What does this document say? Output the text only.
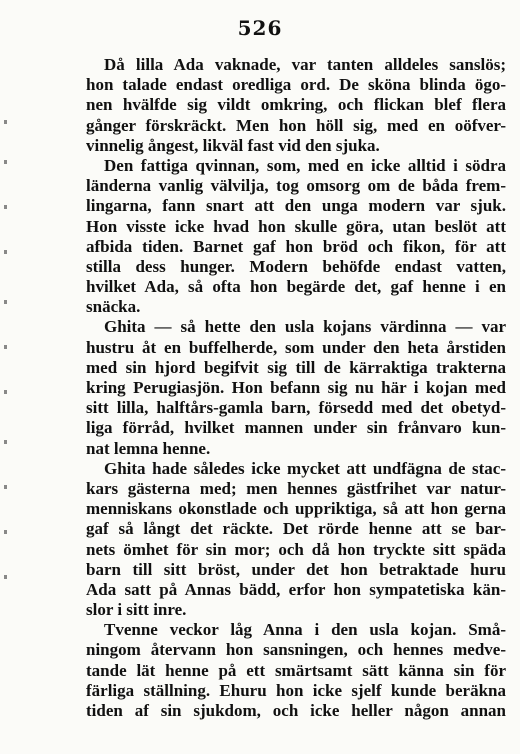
526
Då lilla Ada vaknade, var tanten alldeles sanslös;
hon talade endast oredliga ord. De sköna blinda ögo-
nen hvälfde sig vildt omkring, och flickan blef flera
gånger förskräckt. Men hon höll sig, med en oöfver-
vinnelig ångest, likväl fast vid den sjuka.
Den fattiga qvinnan, som, med en icke alltid i södra
länderna vanlig välvilja, tog omsorg om de båda frem-
lingarna, fann snart att den unga modern var sjuk.
Hon visste icke hvad hon skulle göra, utan beslöt att
afbida tiden. Barnet gaf hon bröd och fikon, för att
stilla dess hunger. Modern behöfde endast vatten,
hvilket Ada, så ofta hon begärde det, gaf henne i en
snäcka.
Ghita — så hette den usla kojans värdinna — var
hustru åt en buffelherde, som under den heta årstiden
med sin hjord begifvit sig till de kärraktiga trakterna
kring Perugiasjön. Hon befann sig nu här i kojan med
sitt lilla, halftårs-gamla barn, försedd med det obetyd-
liga förråd, hvilket mannen under sin frånvaro kun-
nat lemna henne.
Ghita hade således icke mycket att undfägna de stac-
kars gästerna med; men hennes gästfrihet var natur-
menniskans okonstlade och uppriktiga, så att hon gerna
gaf så långt det räckte. Det rörde henne att se bar-
nets ömhet för sin mor; och då hon tryckte sitt späda
barn till sitt bröst, under det hon betraktade huru
Ada satt på Annas bädd, erfor hon sympatetiska kän-
slor i sitt inre.
Tvenne veckor låg Anna i den usla kojan. Små-
ningom återvann hon sansningen, och hennes medve-
tande lät henne på ett smärtsamt sätt känna sin för
färliga ställning. Ehuru hon icke sjelf kunde beräkna
tiden af sin sjukdom, och icke heller någon annan
